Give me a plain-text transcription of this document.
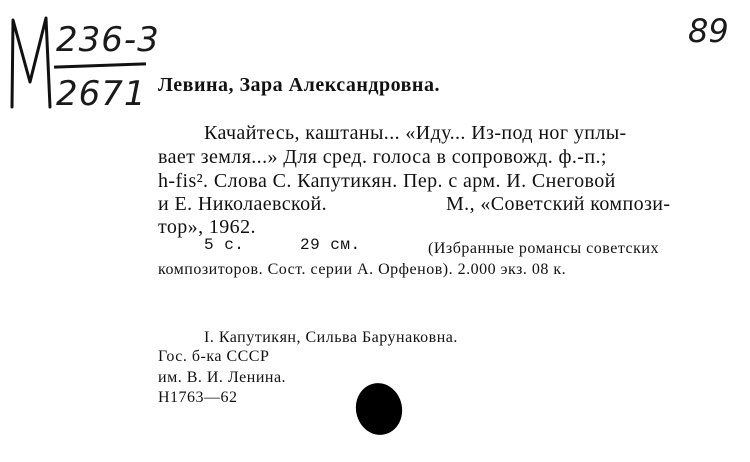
236-3
2671
89
Левина, Зара Александровна.
Качайтесь, каштаны... «Иду... Из-под ног уплы-
вает земля...» Для сред. голоса в сопровожд. ф.-п.;
h-fis². Слова С. Капутикян. Пер. с арм. И. Снеговой
и Е. Николаевской.	М., «Советский компози-
тор», 1962.
5 с.	29 см.	(Избранные романсы советских
композиторов. Сост. серии А. Орфенов). 2.000 экз. 08 к.
I. Капутикян, Сильва Барунаковна.
Гос. б-ка СССР
им. В. И. Ленина.
Н1763—62
